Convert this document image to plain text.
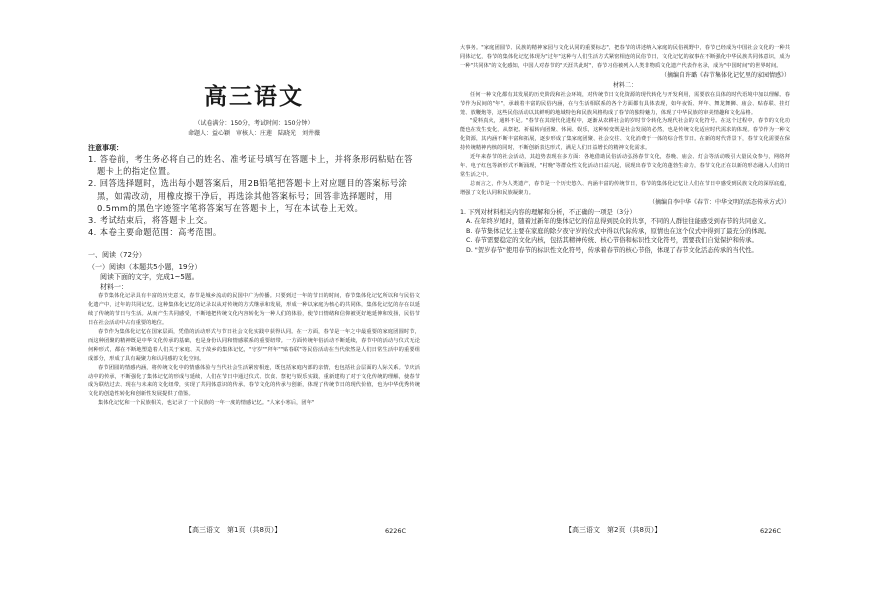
高三语文
（试卷满分：150分，考试时间：150分钟）
命题人：益心颖　审核人：庄莲　陆晓光　刘井薇
注意事项：
1. 答卷前，考生务必将自己的姓名、准考证号填写在答题卡上，并将条形码粘贴在答题卡上的指定位置。
2. 回答选择题时，选出每小题答案后，用2B铅笔把答题卡上对应题目的答案标号涂黑，如需改动，用橡皮擦干净后，再选涂其他答案标号；回答非选择题时，用0.5mm的黑色字迹签字笔将答案写在答题卡上，写在本试卷上无效。
3. 考试结束后，将答题卡上交。
4. 本卷主要命题范围：高考范围。
一、阅读（72分）
（一）阅读Ⅰ（本题共5小题，19分）
阅读下面的文字，完成1~5题。
材料一：
春节集体化记录具有丰富的历史意义，春节是城乡流动的民国中广为传播。只要到过一年的节日的时间，春节集体化记忆所以和与民俗文化遗产中，过年的共同记忆，这种集体化记忆的记录以从对传统的方式继承和发展，形成一种以家庭为核心的共同体，集体化记忆的存在以延续了传统的节日与生活。从而产生共同感受，不断地把传统文化内容转化为一种人们的体验，使节日情绪和信仰被更好地延伸和发扬，民俗节日在社会活动中占有重要的地位。
春节作为集体化记忆在国家层面，凭借的活动形式与节日社会文化实践中获得认同。在一方面，春节是一年之中最重要的家庭团圆时节，而这种团聚的精神既是中华文化传承的基础，也是身份认同和情感联系的重要纽带。一方面传统年俗活动不断延续，春节中的活动与仪式无论何种形式，都在不断地塑造着人们关于家庭、关于故乡的集体记忆，"守岁""拜年""贴春联"等民俗活动在当代依然是人们日常生活中的重要组成部分，形成了具有凝聚力和认同感的文化空间。
春节团圆的情感内涵，将传统文化中的情感体验与当代社会生活紧密相连，既包括家庭内部的亲情，也包括社会层面的人际关系。节庆活动中的传承，不断强化了集体记忆的形成与延续，人们在节日中通过仪式、饮食、祭祀与娱乐实践，重新建构了对于文化传统的理解，使春节成为联结过去、现在与未来的文化纽带，实现了共同体意识的传承。春节文化的传承与创新，体现了传统节日的现代价值，也为中华优秀传统文化的创造性转化和创新性发展提供了借鉴。
集体化记忆和一个民族相关，也记录了一个民族的一年一度的情感记忆。"人家小寒后，团年"
【高三语文　第1页（共8页）】	6226C
大事务。"家庭团圆节、民族的精神家园与文化认同的重要标志"，把春节的讲述纳入家庭的民俗视野中，春节已经成为中国社会文化的一种共同体记忆，春节的集体化记忆体现为"过年"这种与人们生活方式紧密相连的民俗节日，文化记忆的叙事在不断强化中华民族共同体意识，成为一种"共同体"的文化感知，中国人对春节的"天涯共此时"，春节习俗被列入人类非物质文化遗产代表作名录，成为"中国时间"的世界时间。
（摘编自许璐《春节集体化记忆里的家园情感》）
材料二：
任何一种文化都有其发展的历史阶段和社会环境，对传统节日文化资源的现代转化与开发利用，需要放在具体的时代语境中加以理解。春节作为民间的"年"，承载着丰富的民俗内涵，在与生活相联系的各个方面都有具体表现，如年夜饭、拜年、舞龙舞狮、庙会、贴春联、挂灯笼、放鞭炮等，这些民俗活动以其鲜明的地域特色和民族风格构成了春节的独特魅力，体现了中华民族的审美情趣和文化品格。
"爱料真火，通料不足。"春节在其现代化进程中，逐渐从农耕社会的岁时节令转化为现代社会的文化符号。在这个过程中，春节的文化功能也在发生变化，从祭祀、祈福转向团聚、休闲、娱乐，这种转变既是社会发展的必然，也是传统文化适应时代需求的体现。春节作为一种文化资源，其内涵不断丰富和拓展，逐步形成了集家庭团聚、社会交往、文化消费于一体的综合性节日。在新的时代背景下，春节文化需要在保持传统精神内核的同时，不断创新表达形式，满足人们日益增长的精神文化需求。
近年来春节的社会活动，其趋势表现在多方面：各地借助民俗活动弘扬春节文化，春晚、庙会、灯会等活动吸引大量民众参与，网络拜年、电子红包等新形式不断涌现，"村晚"等群众性文化活动日益兴起，展现出春节文化的蓬勃生命力，春节文化正在以新的形态融入人们的日常生活之中。
总而言之，作为人类遗产，春节是一个历史悠久、内涵丰富的传统节日，春节的集体化记忆让人们在节日中感受到民族文化的深厚底蕴，增强了文化认同和民族凝聚力。
（摘编自李中华《春节：中华文明的活态传承方式》）
1. 下列对材料相关内容的理解和分析，不正确的一项是（3分）
A. 在年终岁尾时，随着过新年的集体记忆的信息得到民众的共享，不同的人群往往能感受到春节的共同意义。
B. 春节集体记忆主要在家庭的除夕夜守岁的仪式中得以代际传承，原情也在这个仪式中得到了最充分的体现。
C. 春节需要稳定的文化内核，包括其精神传统、核心节俗和标识性文化符号，需要我们自觉保护和传承。
D. "贺岁春节"使用春节的标识性文化符号，传承着春节的核心节俗，体现了春节文化活态传承的当代性。
【高三语文　第2页（共8页）】	6226C
